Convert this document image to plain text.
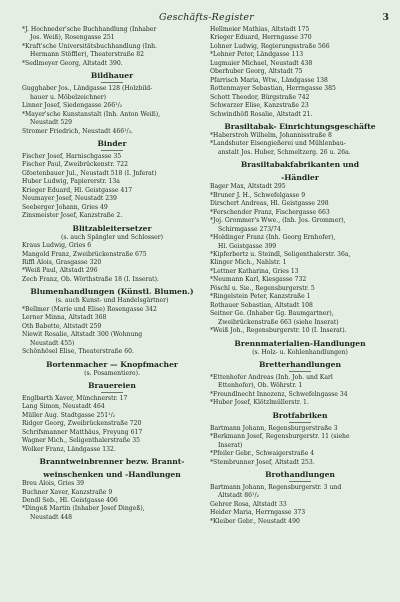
Geschäfts-Register	3
*J. Hochneder'sche Buchhandlung (Inhaber
Jos. Weiß), Rosengasse 251
*Kraft'sche Universitätsbuchhandlung (Inh.
Hermann Stöffler), Theaterstraße 82
*Sedlmeyer Georg, Altstadt 390.
Bildhauer
Gugghaber Jos., Ländgasse 128 (Holzbild-
hauer u. Möbelzeichner)
Linner Josef, Siedengasse 266¹/₂
*Mayer'sche Kunstanstalt (Inh. Anton Weiß),
Neustadt 529
Stromer Friedrich, Neustadt 466¹/₃.
Binder
Fischer Josef, Harnischgasse 35
Fischer Paul, Zweibrückenstr. 722
Gfoetenbauer Jul., Neustadt 518 (I. Jnferat)
Huber Ludwig, Papiererstr. 13a
Krieger Eduard, Hl. Geistgasse 417
Neumayer Josef, Neustadt 239
Seeberger Johann, Gries 49
Zinsmeister Josef, Kanzstraße 2.
Blitzableitersetzer
(s. auch Spängler und Schlosser)
Kraus Ludwig, Gries 6
Mangold Franz, Zweibrückenstraße 675
Riffl Alois, Grasgasse 320
*Weiß Paul, Altstadt 296
Zech Franz, Ob. Wörthstraße 18 (I. Inserat).
Blumenhandlungen (Künstl. Blumen.)
(s. auch Kunst- und Handelsgärtner)
*Bellmer (Marie und Elise) Rosengasse 342
Lerner Minna, Altstadt 368
Oth Babette, Altstadt 259
Niewit Rosalie, Altstadt 300 (Wohnung
Neustadt 455)
Schönhösel Elise, Theaterstraße 60.
Bortenmacher — Knopfmacher
(s. Posamentiere).
Brauereien
Englbarth Xaver, Münchnerstr. 17
Lang Simon, Neustadt 464
Müller Aug. Stadtgasse 251¹/₂
Ridger Georg, Zweibrückenstraße 720
Schrifsmanner Matthäus, Freyung 617
Wagner Mich., Seligenthalerstraße 35
Wolker Franz, Ländgasse 132.
Branntweinbrenner bezw. Brannt-
weinschenken und -Handlungen
Breu Alois, Gries 39
Buchner Xaver, Kanzstraße 9
Dendl Seb., Hl. Geistgasse 406
*Dingeß Martin (Inhaber Josef Dingeß),
Neustadt 448
Hellmeier Mathias, Altstadt 175
Krieger Eduard, Herrngasse 370
Lohner Ludwig, Regierungsstraße 566
*Lehner Peter, Ländgasse 113
Lugmaier Michael, Neustadt 438
Oberhuber Georg, Altstadt 75
Pfarrisch Maria, Wtw., Ländgasse 138
Rottenmayer Sebastian, Herrngasse 385
Schott Theodor, Bürgstraße 742
Schwarzer Elise, Kanzstraße 23
Schwindhöfl Rosalie, Altstadt 21.
Brasiltabak- Einrichtungsgeschäfte
*Haberstroh Wilhelm, Johannisstraße 8
*Landshuter Eisengießerei und Mühlenbau-
anstalt Jos. Huber, Schmeltzerg. 26 u. 26a.
Brasiltabakfabrikanten und
-Händler
Bager Max, Altstadt 295
*Bruner J. H., Schwefelgasse 9
Dirschert Andreas, Hl. Geistgasse 298
*Ferschender Franz, Fischergasse 663
*Joj. Grommer's Wwe., (Inh. Jos. Grommer),
Schirmgasse 273/74
*Holdinger Franz (Inh. Georg Ernhofer),
Hl. Geistgasse 399
*Kipferbertz u. Steindl, Seligenthalerstr. 36a,
Klinger Mich., Nahlstr. 1
*Lettner Katharina, Gries 13
*Neumann Karl, Kiesgasse 732
Pöschl u. Sie., Regensburgerstr. 5
*Ringelstein Peter, Kanzstraße 1
Rothauer Sebastian, Altstadt 108
Seitner Ge. (Inhaber Gg. Baumgartner),
Zweibrückenstraße 663 (siehe Inserat)
*Weiß Joh., Regensburgerstr. 10 (I. Inserat).
Brennmaterialien-Handlungen
(s. Holz- u. Kohlenhandlungen)
Bretterhandlungen
*Ettenhofer Andreas (Inh. Joh. und Karl
Ettenhofer), Ob. Wöhrstr. 1
*Freundlnecht Innozenz, Schwefelngasse 34
*Huber Josef, Klötzlmüllerstr. 1.
Brotfabriken
Bartmann Johann, Regensburgerstraße 3
*Berkmann Josef, Regensburgerstr. 11 (siehe
Inserat)
*Pfeiler Gebr., Schwaigerstraße 4
*Stembrunner Josef, Altstadt 253.
Brothandlungen
Bartmann Johann, Regensburgerstr. 3 und
Altstadt 86¹/₂
Gehrer Rosa, Altstadt 33
Heider Maria, Herrngasse 373
*Kleiber Gebr., Neustadt 490
